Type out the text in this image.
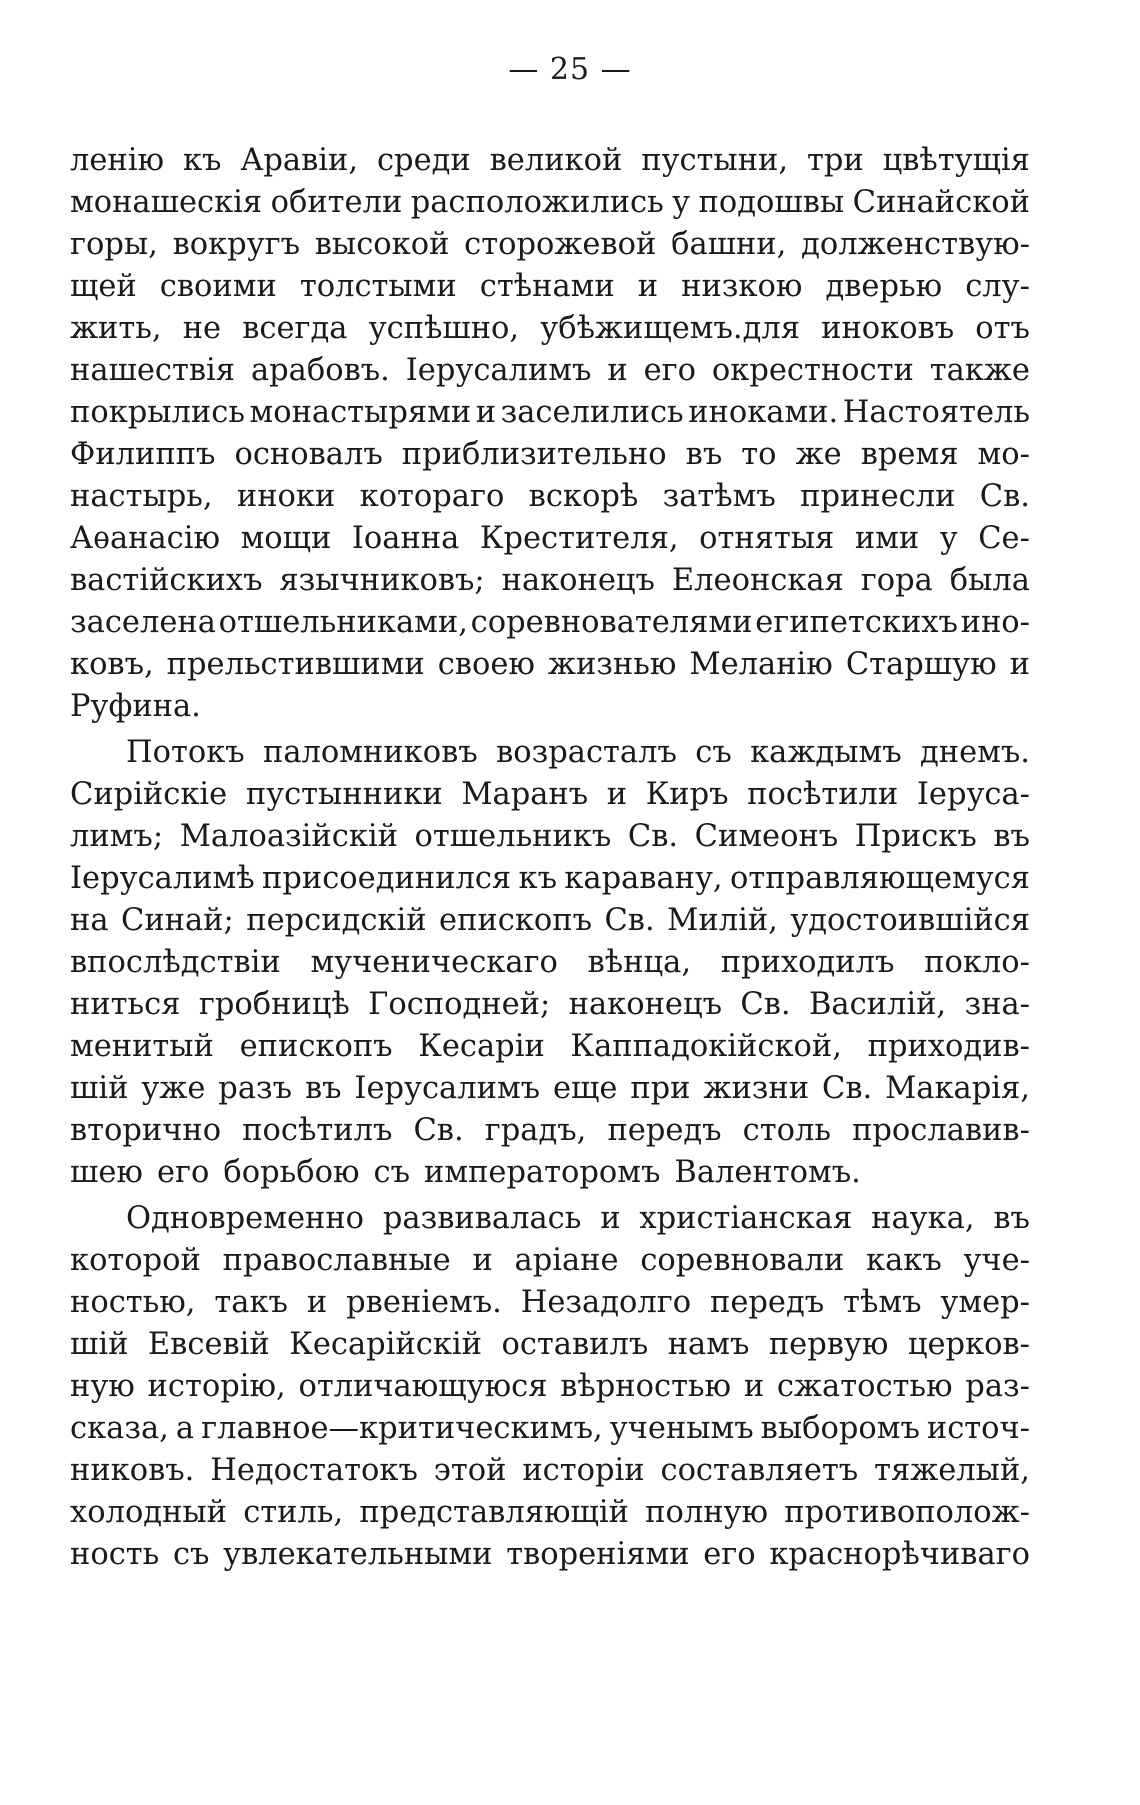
— 25 —
ленію къ Аравіи, среди великой пустыни, три цвѣтущія
монашескія обители расположились у подошвы Синайской
горы, вокругъ высокой сторожевой башни, долженствую-
щей своими толстыми стѣнами и низкою дверью слу-
жить, не всегда успѣшно, убѣжищемъ.для иноковъ отъ
нашествія арабовъ. Іерусалимъ и его окрестности также
покрылись монастырями и заселились иноками. Настоятель
Филиппъ основалъ приблизительно въ то же время мо-
настырь, иноки котораго вскорѣ затѣмъ принесли Св.
Аѳанасію мощи Іоанна Крестителя, отнятыя ими у Се-
вастійскихъ язычниковъ; наконецъ Елеонская гора была
заселена отшельниками, соревнователями египетскихъ ино-
ковъ, прельстившими своею жизнью Меланію Старшую и
Руфина.
Потокъ паломниковъ возрасталъ съ каждымъ днемъ.
Сирійскіе пустынники Маранъ и Киръ посѣтили Іеруса-
лимъ; Малоазійскій отшельникъ Св. Симеонъ Прискъ въ
Іерусалимѣ присоединился къ каравану, отправляющемуся
на Синай; персидскій епископъ Св. Милій, удостоившійся
впослѣдствіи мученическаго вѣнца, приходилъ покло-
ниться гробницѣ Господней; наконецъ Св. Василій, зна-
менитый епископъ Кесаріи Каппадокійской, приходив-
шій уже разъ въ Іерусалимъ еще при жизни Св. Макарія,
вторично посѣтилъ Св. градъ, передъ столь прославив-
шею его борьбою съ императоромъ Валентомъ.
Одновременно развивалась и христіанская наука, въ
которой православные и аріане соревновали какъ уче-
ностью, такъ и рвеніемъ. Незадолго передъ тѣмъ умер-
шій Евсевій Кесарійскій оставилъ намъ первую церков-
ную исторію, отличающуюся вѣрностью и сжатостью раз-
сказа, а главное—критическимъ, ученымъ выборомъ источ-
никовъ. Недостатокъ этой исторіи составляетъ тяжелый,
холодный стиль, представляющій полную противополож-
ность съ увлекательными твореніями его краснорѣчиваго
